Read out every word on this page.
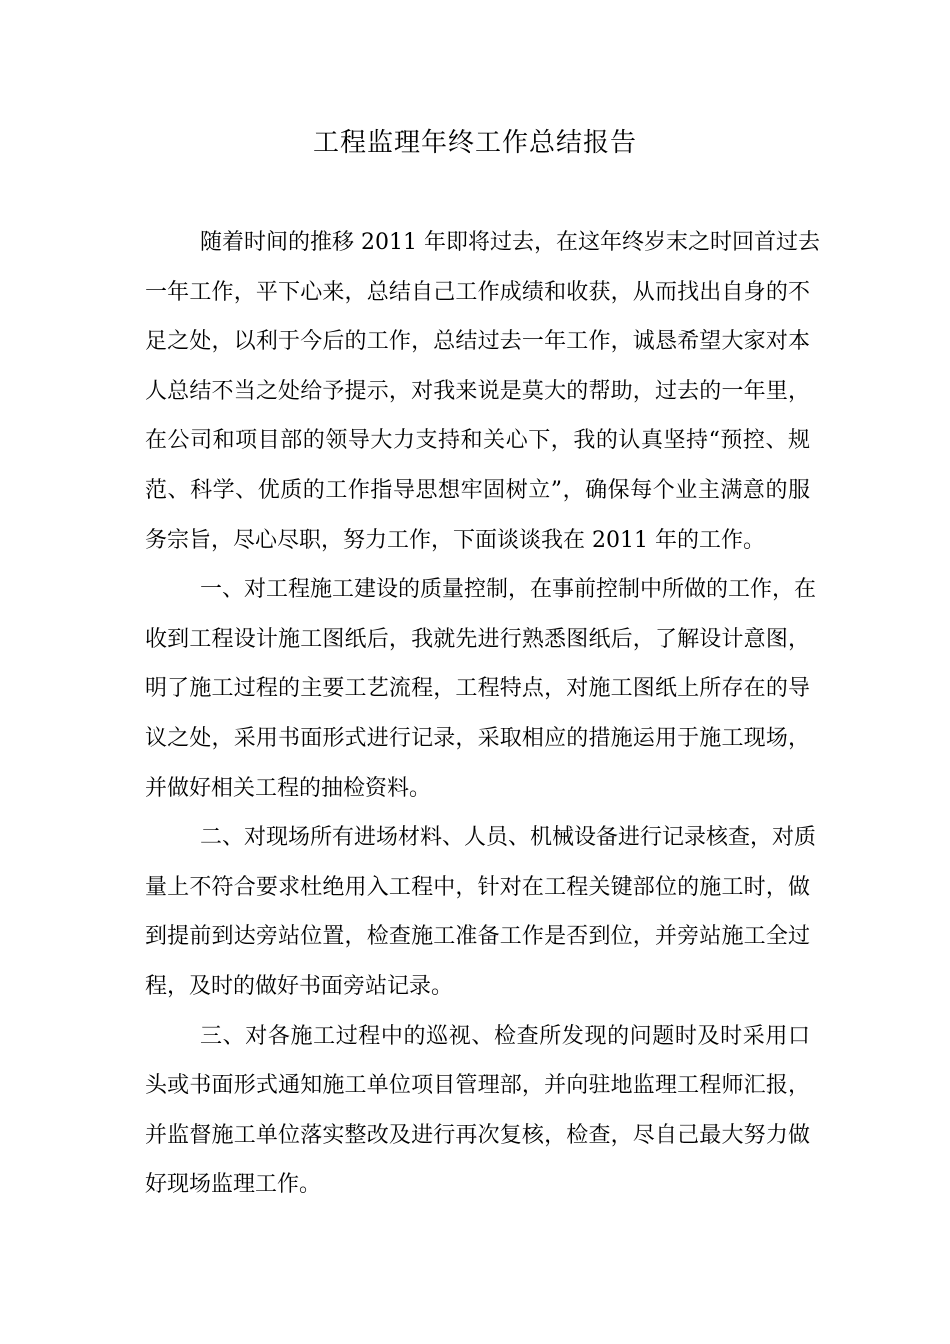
工程监理年终工作总结报告
随着时间的推移 2011 年即将过去，在这年终岁末之时回首过去
一年工作，平下心来，总结自己工作成绩和收获，从而找出自身的不
足之处，以利于今后的工作，总结过去一年工作，诚恳希望大家对本
人总结不当之处给予提示，对我来说是莫大的帮助，过去的一年里，
在公司和项目部的领导大力支持和关心下，我的认真坚持“预控、规
范、科学、优质的工作指导思想牢固树立”，确保每个业主满意的服
务宗旨，尽心尽职，努力工作，下面谈谈我在 2011 年的工作。
一、对工程施工建设的质量控制，在事前控制中所做的工作，在
收到工程设计施工图纸后，我就先进行熟悉图纸后，了解设计意图，
明了施工过程的主要工艺流程，工程特点，对施工图纸上所存在的导
议之处，采用书面形式进行记录，采取相应的措施运用于施工现场，
并做好相关工程的抽检资料。
二、对现场所有进场材料、人员、机械设备进行记录核查，对质
量上不符合要求杜绝用入工程中，针对在工程关键部位的施工时，做
到提前到达旁站位置，检查施工准备工作是否到位，并旁站施工全过
程，及时的做好书面旁站记录。
三、对各施工过程中的巡视、检查所发现的问题时及时采用口
头或书面形式通知施工单位项目管理部，并向驻地监理工程师汇报，
并监督施工单位落实整改及进行再次复核，检查，尽自己最大努力做
好现场监理工作。
